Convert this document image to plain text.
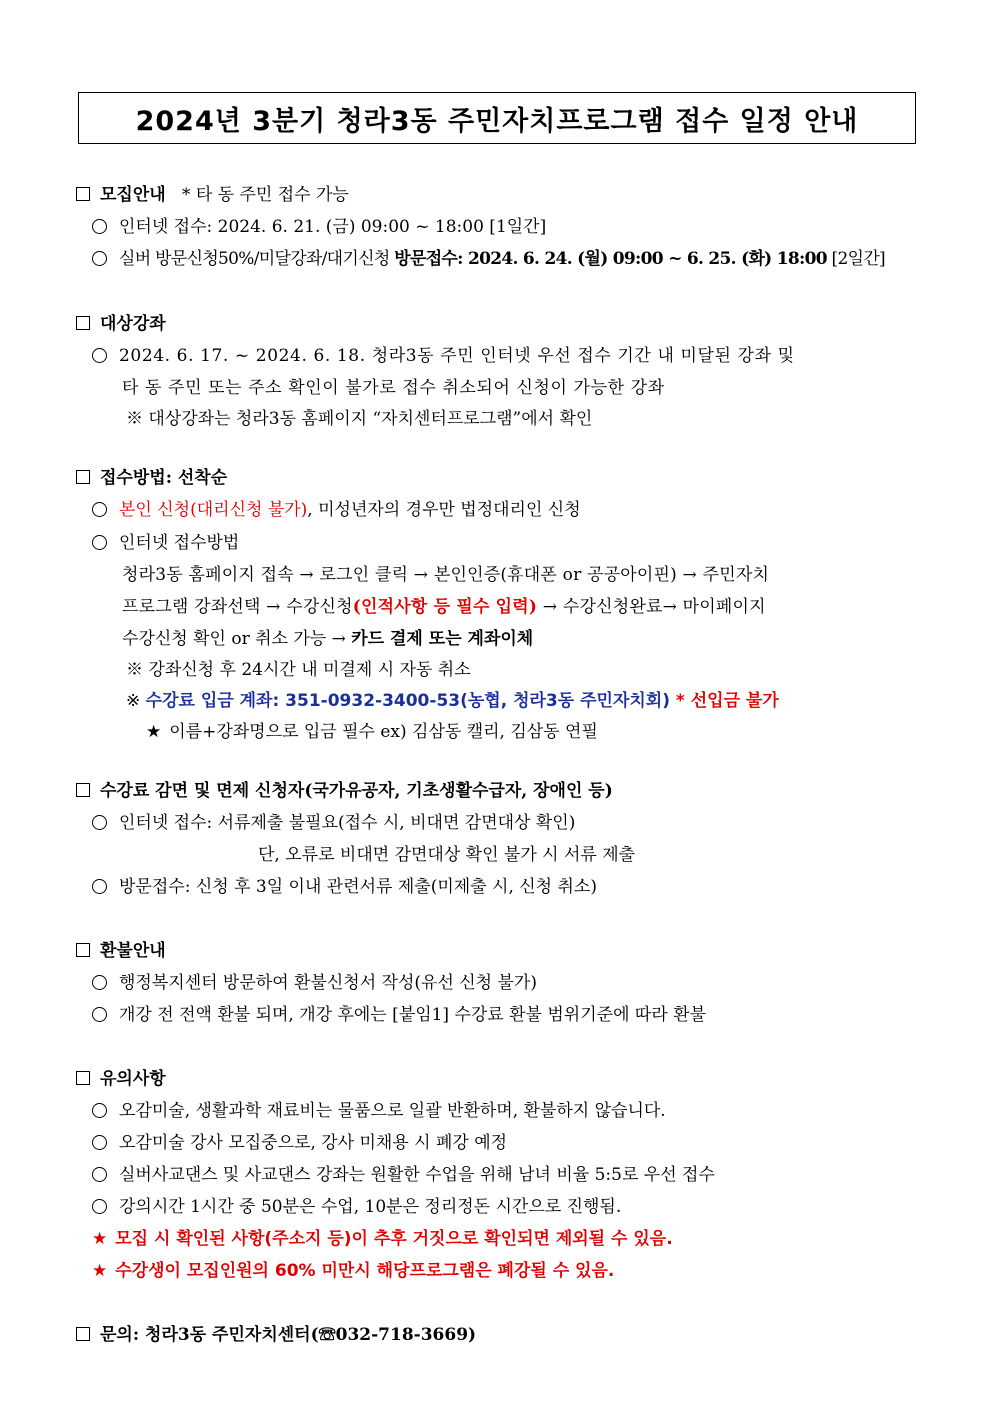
2024년 3분기 청라3동 주민자치프로그램 접수 일정 안내
모집안내 * 타 동 주민 접수 가능
인터넷 접수: 2024. 6. 21. (금) 09:00 ~ 18:00 [1일간]
실버 방문신청50%/미달강좌/대기신청 방문접수: 2024. 6. 24. (월) 09:00 ~ 6. 25. (화) 18:00 [2일간]
대상강좌
2024. 6. 17. ~ 2024. 6. 18. 청라3동 주민 인터넷 우선 접수 기간 내 미달된 강좌 및
타 동 주민 또는 주소 확인이 불가로 접수 취소되어 신청이 가능한 강좌
※ 대상강좌는 청라3동 홈페이지 “자치센터프로그램”에서 확인
접수방법: 선착순
본인 신청(대리신청 불가), 미성년자의 경우만 법정대리인 신청
인터넷 접수방법
청라3동 홈페이지 접속 → 로그인 클릭 → 본인인증(휴대폰 or 공공아이핀) → 주민자치
프로그램 강좌선택 → 수강신청(인적사항 등 필수 입력) → 수강신청완료→ 마이페이지
수강신청 확인 or 취소 가능 → 카드 결제 또는 계좌이체
※ 강좌신청 후 24시간 내 미결제 시 자동 취소
※ 수강료 입금 계좌: 351-0932-3400-53(농협, 청라3동 주민자치회) * 선입금 불가
★ 이름+강좌명으로 입금 필수 ex) 김삼동 캘리, 김삼동 연필
수강료 감면 및 면제 신청자(국가유공자, 기초생활수급자, 장애인 등)
인터넷 접수: 서류제출 불필요(접수 시, 비대면 감면대상 확인)
단, 오류로 비대면 감면대상 확인 불가 시 서류 제출
방문접수: 신청 후 3일 이내 관련서류 제출(미제출 시, 신청 취소)
환불안내
행정복지센터 방문하여 환불신청서 작성(유선 신청 불가)
개강 전 전액 환불 되며, 개강 후에는 [붙임1] 수강료 환불 범위기준에 따라 환불
유의사항
오감미술, 생활과학 재료비는 물품으로 일괄 반환하며, 환불하지 않습니다.
오감미술 강사 모집중으로, 강사 미채용 시 폐강 예정
실버사교댄스 및 사교댄스 강좌는 원활한 수업을 위해 남녀 비율 5:5로 우선 접수
강의시간 1시간 중 50분은 수업, 10분은 정리정돈 시간으로 진행됨.
★ 모집 시 확인된 사항(주소지 등)이 추후 거짓으로 확인되면 제외될 수 있음.
★ 수강생이 모집인원의 60% 미만시 해당프로그램은 폐강될 수 있음.
문의: 청라3동 주민자치센터(☏032-718-3669)
